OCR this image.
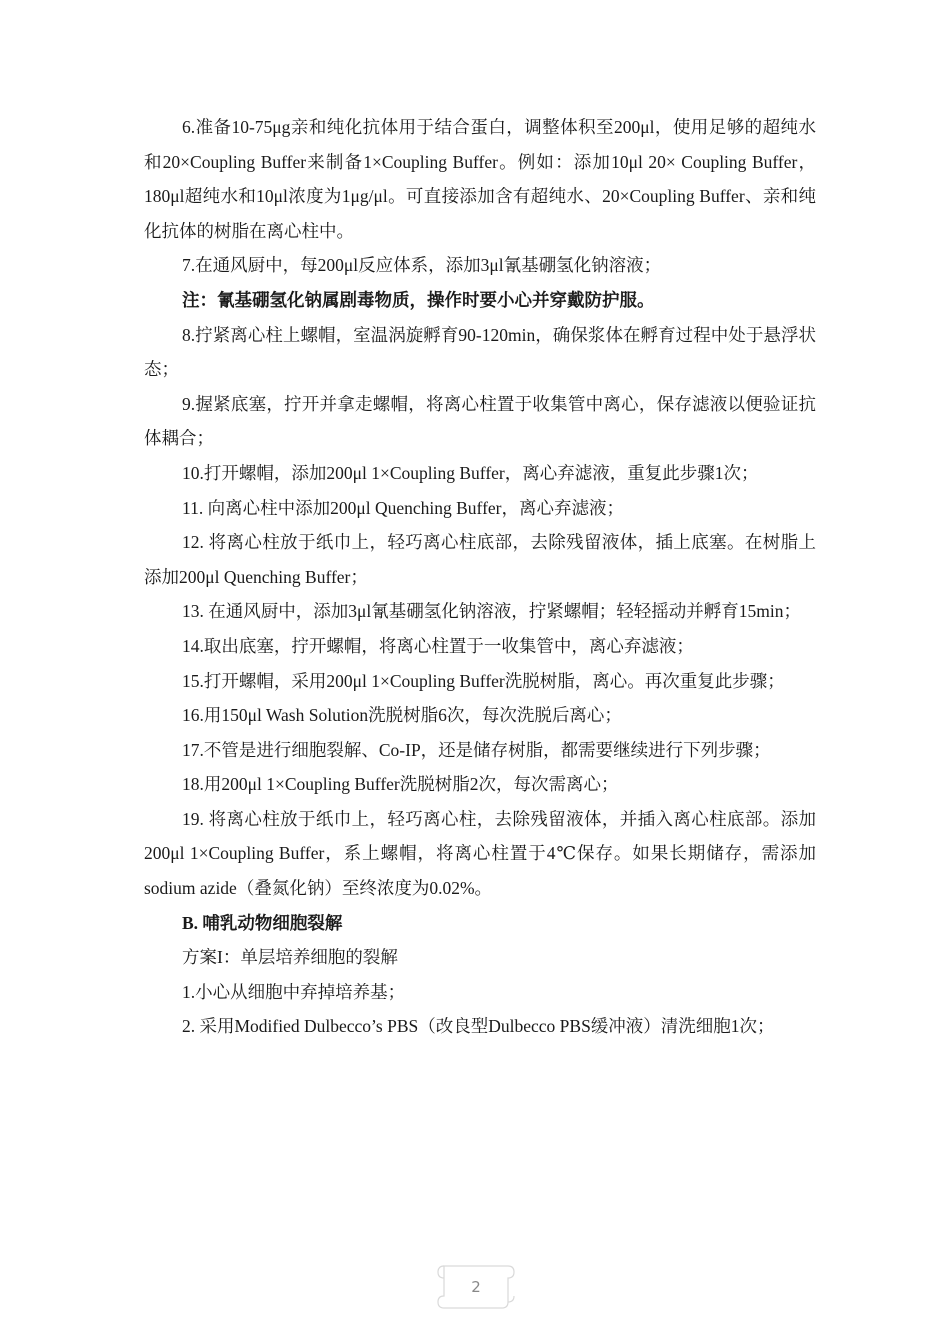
6.准备10-75μg亲和纯化抗体用于结合蛋白，调整体积至200μl，使用足够的超纯水和20×Coupling Buffer来制备1×Coupling Buffer。例如：添加10μl 20× Coupling Buffer，180μl超纯水和10μl浓度为1μg/μl。可直接添加含有超纯水、20×Coupling Buffer、亲和纯化抗体的树脂在离心柱中。

7.在通风厨中，每200μl反应体系，添加3μl氰基硼氢化钠溶液；

注：氰基硼氢化钠属剧毒物质，操作时要小心并穿戴防护服。

8.拧紧离心柱上螺帽，室温涡旋孵育90-120min，确保浆体在孵育过程中处于悬浮状态；

9.握紧底塞，拧开并拿走螺帽，将离心柱置于收集管中离心，保存滤液以便验证抗体耦合；

10.打开螺帽，添加200μl 1×Coupling Buffer，离心弃滤液，重复此步骤1次；

11. 向离心柱中添加200μl Quenching Buffer，离心弃滤液；

12. 将离心柱放于纸巾上，轻巧离心柱底部，去除残留液体，插上底塞。在树脂上添加200μl Quenching Buffer；

13. 在通风厨中，添加3μl氰基硼氢化钠溶液，拧紧螺帽；轻轻摇动并孵育15min；

14.取出底塞，拧开螺帽，将离心柱置于一收集管中，离心弃滤液；

15.打开螺帽，采用200μl 1×Coupling Buffer洗脱树脂，离心。再次重复此步骤；

16.用150μl Wash Solution洗脱树脂6次，每次洗脱后离心；

17.不管是进行细胞裂解、Co-IP，还是储存树脂，都需要继续进行下列步骤；

18.用200μl 1×Coupling Buffer洗脱树脂2次，每次需离心；

19. 将离心柱放于纸巾上，轻巧离心柱，去除残留液体，并插入离心柱底部。添加200μl 1×Coupling Buffer，系上螺帽，将离心柱置于4℃保存。如果长期储存，需添加sodium azide（叠氮化钠）至终浓度为0.02%。

B. 哺乳动物细胞裂解

方案I：单层培养细胞的裂解

1.小心从细胞中弃掉培养基；

2. 采用Modified Dulbecco’s PBS（改良型Dulbecco PBS缓冲液）清洗细胞1次；

2
